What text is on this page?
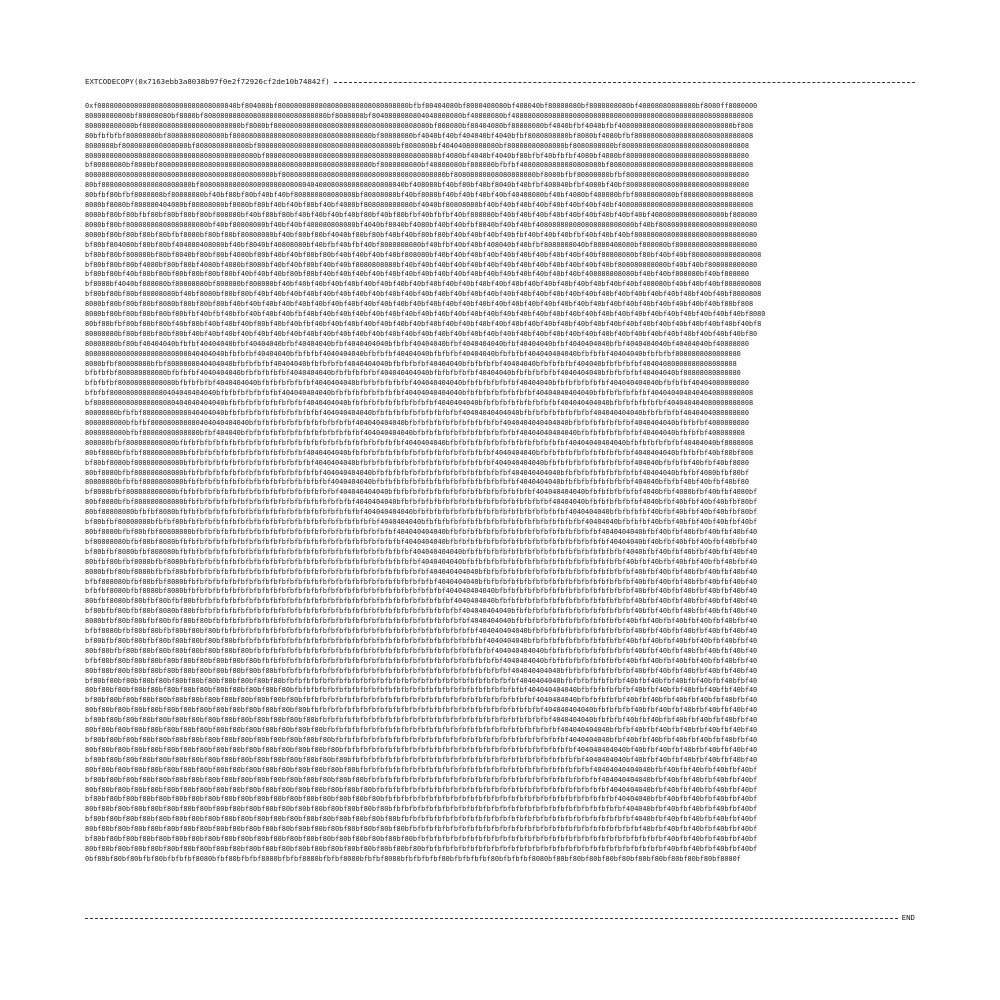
EXTCODECOPY(0x7163ebb3a8038b97f0e2f72926cf2de10b74842f)
0xf0808080808080808080808080808080840bf804080bf80808080808080808080808080808080bfbf80404080bf8080408080bf408040bf80808080bf8080808080bf40808080808080bf8080ff8080000
80808080808bf80808080bf8080bf808080808080808080808080808080bf8080808bf8040808080804040808080bf40808080bf40808080808080808080808080808080808080808080808080808080808
808080808080bf808080808080808080808080bf8080bf80808080808080808080808080808080808080bf808080bf80404080bf80808080bf4040bfbf4040bfbf4080808080808080808080808080bf808
80bfbfbfbf80808080bf80808080808080bf8080808080808080808080808080808080bf80808080bf4040bf40bf404040bf4040bfbf8080808080bf8080bf4080bfbf80808080808080808080808080808
8080808bf8080808080808080bf8080808080808bf8080808080808080808080808080808080bf8080808bf40404080808080bf80808080808080bf8080808080bf8080808080808080808080808080808
808080808080808080808080808080808080808080bf808080808080808080808080808080808080808080bf4080bf4040bf4040bf80bfbf40bfbfbf4080bf4080bf808080808080808080808080808080
bf80808080bf8080bf8080808080808080808080808080808080808080808080808080bf8080808080bf40808080bf808080bfbfbf40808080808080808080bf80808080808080808080808080808080808
8080808080808080808080808080808080808080808080bf8080808080808080808080808080808080808080bf80808080808080808080bf8080bfbf80808080bfbf808080808080808080808080808080
80bf8080808080808080808080bf80808080808080808080808080404080808080808080808040bf408080bf40bf80bf40bf8040bf40bfbf408040bfbf4080bf40bf808080808080808080808080808080
80bfbf80bfbf8080808bf80808080bf40bf80bf80bf40bf40bf808080808080808bf80808080bf40bf8080bf40bf40bf40bf40bf40408080bf40bf4080bf408080bfbf8080808080bf80808080808080808
8080bf8080bf808080404080bf80808080bf8080bf80bf40bf40bf80bf40bf4080bf808080808080bf4040bf80808080bf40bf40bf40bf40bf40bf40bf40bf40bf408080808080808080808080808080808
8080bf80bf80bfbf80bf80bf80bf80bf808080bf40bf80bf80bf40bf40bf40bf40bf80bf40bf80bfbf40bfbfbf40bf808080bf40bf40bf40bf40bf40bf40bf40bf40bf40bf408080808080808080bf808080
8080bf80bf80808080808080808080bf40bf80808080bf40bf40bf408080808080bf4040bf8040bf4080bf40bf40bfbf8040bf40bf40bf408080808080808080808080bf40bf808080808080808080808080
8080bf80bf80bf80bf80bfbf8080bf80bf80bf80808080bf40bf80bf80bf4040bf80bf80bf40bf40bf80bf80bf40bf40bf40bf40bfbf40bf40bf40bfbf40bf40bf40bf808080808080808080808080808080
bf80bf804080bf80bf80bf404080408080bf40bf8040bf40808080bf40bfbf40bfbf40bf8080808080bf40bfbf40bf40bf408040bf40bfbf8080808040bf8080408080bf808080bf80808080808080808080
bf80bf80bf808080bf80bf8040bf80bf80bf4080bf80bf40bf40bf80bf80bf40bf40bf40bf40bf808080bf40bf40bf40bf40bf40bf40bf40bf40bf40bf40bf80808080bf80bf40bf40bf80808080808080808
bf80bf80bf80bf4080bf80bf80bf4080bf4080bf8080bf40bf40bf80bf40bf40bf8080808080bf40bf40bf40bf40bf40bf40bf40bf40bf40bf40bf40bf40bf40bf808080808080bf40bf40bf808080808080
bf80bf80bf40bf80bf80bf80bf80bf80bf80bf40bf40bf40bf80bf80bf40bf40bf40bf40bf40bf40bf40bf40bf40bf40bf40bf40bf40bf40bf40bf40bf408080808080bf40bf40bf808080bf40bf808080
bf8080bf4040bf808080bf80808080bf808080bf808080bf40bf40bf40bf40bf40bf40bf40bf40bf40bf40bf40bf40bf40bf40bf40bf40bf40bf40bf40bf40bf40bf40bf408080bf40bf40bf40bf808080808
bf80bf80bf80bf80808080bf40bf8080bf80bf80bf40bf40bf40bf40bf40bf40bf40bf40bf40bf40bf40bf40bf40bf40bf40bf40bf40bf40bf40bf40bf40bf40bf40bf40bf40bf40bf40bf40bf40bf8080808
8080bf80bf80bf80bf8080bf80bf80bf80bf40bf40bf40bf40bf40bf40bf40bf40bf40bf40bf40bf40bf40bf40bf40bf40bf40bf40bf40bf40bf40bf40bf40bf40bf40bf40bf40bf40bf40bf40bf80bf808
8080bf80bf80bf80bf80bf80bfbf40bfbf40bfbf40bf40bf40bfbf40bf40bf40bf40bf40bf40bf40bf40bf40bf40bf40bf40bf40bf40bf40bf40bf40bf40bf40bf40bf40bf40bf40bf40bf40bf40bf40bf8080
80bf80bfbf80bf80bf80bf40bf80bf40bf40bf40bf80bf40bf40bfbf40bf40bf40bf40bf40bf40bf40bf40bf40bf40bf40bf40bf40bf40bf40bf40bf40bf40bf40bf40bf40bf40bf40bf40bf40bf40bf40bf8
80808080bf80bf80bf80bf80bf40bf40bf40bf40bf40bf40bf40bf40bf40bf40bf40bf40bf40bf40bf40bf40bf40bf40bf40bf40bf40bf40bf40bf40bf40bf40bf40bf40bf40bf40bf40bf40bf40bf40bf80
80808080bf80bf40404040bfbfbf40404040bfbf40404040bfbf40404040bfbf4040404040bfbfbf40404040bfbf4040404040bfbf40404040bfbf4040404040bfbf4040404040bf40404040bf40808080
8080808080808080808080808040404040bfbfbfbf40404040bfbfbfbf4040404040bfbfbfbf40404040bfbfbfbf40404040bfbfbfbf404040404040bfbfbfbf40404040bfbfbfbf8080808080808080
8080bfbf80808080bfbf8080808040404040bfbfbfbfbf40404040bfbfbfbfbf4040404040bfbfbfbfbf40404040bfbfbfbfbf40404040bfbfbfbfbf404040bfbfbfbfbf40404080808080808080808
bfbfbfbf808080808080bfbfbfbf4040404040bfbfbfbfbfbf4040404040bfbfbfbfbfbf404040404040bfbfbfbfbfbf40404040bfbfbfbfbfbf4040404040bfbfbfbfbf40404040bf80808080808080
bfbfbfbf80808080808080bfbfbfbfbf4040404040bfbfbfbfbfbfbf4040404040bfbfbfbfbfbfbf404040404040bfbfbfbfbfbfbf40404040bfbfbfbfbfbfbf404040404040bfbfbfbf40404080808080
bfbfbf80808080808080404040404040bfbfbfbfbfbfbfbf404040404040bfbfbfbfbfbfbfbfbf40404040404040bfbfbfbfbfbfbfbfbf40404040404040bfbfbfbfbfbfbf4040404040404040808080808
bf80808080808080808080404040404040bfbfbfbfbfbfbfbfbfbf4040404040bfbfbfbfbfbfbfbfbfbfbf4040404040bfbfbfbfbfbfbfbfbfbf404040404040bfbfbfbfbfbfbf404040404080808080808
80808080bfbfbf80808080808040404040bfbfbfbfbfbfbfbfbfbfbfbf404040404040bfbfbfbfbfbfbfbfbfbfbf40404040404040bfbfbfbfbfbfbfbfbf404040404040bfbfbfbfbf4040404080808080
8080808080bfbfbf808080808080404040404040bfbfbfbfbfbfbfbfbfbfbfbfbf404040404040bfbfbfbfbfbfbfbfbfbfbfbf4040404040404040bfbfbfbfbfbfbfbf4040404040bfbfbfbf4080808080
8080808080bfbf80808080808080bfbf404040bfbfbfbfbfbfbfbfbfbfbfbfbfbfbf404040404040bfbfbfbfbfbfbfbfbfbfbfbfbf40404040404040bfbfbfbfbfbfbfbf40404040bfbfbfbf408080808
808080bfbf808080808080bfbfbfbfbfbfbfbfbfbfbfbfbfbfbfbfbfbfbfbfbfbfbfbfbfbfbfbf4040404040bfbfbfbfbfbfbfbfbfbfbfbfbfbfbf40404040404040bfbfbfbfbfbfbf40404040bf8080808
80bf8080bfbfbf8080808080bfbfbfbfbfbfbfbfbfbfbfbfbfbfbf4040404040bfbfbfbfbfbfbfbfbfbfbfbfbfbfbfbfbfbf4040404040bfbfbfbfbfbfbfbfbfbfbfbf4040404040bfbfbfbf40bf80bf808
bf80bf8080bf808080808080bfbfbfbfbfbfbfbfbfbfbfbfbfbfbfbf4040404040bfbfbfbfbfbfbfbfbfbfbfbfbfbfbfbfbf404040404040bfbfbfbfbfbfbfbfbfbfbf404040bfbfbfbf40bfbf40bf8080
80bf8080bfbf808080808080bfbfbfbfbfbfbfbfbfbfbfbfbfbfbfbfbf404040404040bfbfbfbfbfbfbfbfbfbfbfbfbfbfbfbfbf404040404040bfbfbfbfbfbfbfbfbfbf40404040bfbfbf4080bfbf80bf
80808080bfbfbf8080808080bfbfbfbfbfbfbfbfbfbfbfbfbfbfbfbfbfbf4040404040bfbfbfbfbfbfbfbfbfbfbfbfbfbfbfbfbfbf4040404040bfbfbfbfbfbfbfbfbf404040bfbfbf40bf40bfbf40bf80
bf8080bfbf808080808080bfbfbfbfbfbfbfbfbfbfbfbfbfbfbfbfbfbfbfbf404040404040bfbfbfbfbfbfbfbfbfbfbfbfbfbfbfbfbfbf404040404040bfbfbfbfbfbfbf4040bfbf4080bfbf40bfbf4080bf
80bf8080bfbf808080808080bfbfbfbfbfbfbfbfbfbfbfbfbfbfbfbfbfbfbfbfbf4040404040bfbfbfbfbfbfbfbfbfbfbfbfbfbfbfbfbfbfbf40404040bfbfbfbfbfbfbf4040bfbf40bfbf40bf40bfbf80bf
80bf80808080bfbfbf8080bfbfbfbfbfbfbfbfbfbfbfbfbfbfbfbfbfbfbfbfbfbfbf404040404040bfbfbfbfbfbfbfbfbfbfbfbfbfbfbfbfbfbfbf4040404040bfbfbfbfbf40bfbf40bfbf40bf40bfbf80bf
bf80bfbf80808080bfbfbf80bfbfbfbfbfbfbfbfbfbfbfbfbfbfbfbfbfbfbfbfbfbfbfbf4040404040bfbfbfbfbfbfbfbfbfbfbfbfbfbfbfbfbfbfbfbf40404040bfbfbfbf40bfbf40bfbf40bf40bfbf40bf
80bf8080bfbf80bfbf80808080bfbfbfbfbfbfbfbfbfbfbfbfbfbfbfbfbfbfbfbfbfbfbfbfbf404040404040bfbfbfbfbfbfbfbfbfbfbfbfbfbfbfbfbfbfbf4040404040bfbf40bfbf40bfbf40bfbf40bf40
bf80808080bfbf80bf8080bfbfbfbfbfbfbfbfbfbfbfbfbfbfbfbfbfbfbfbfbfbfbfbfbfbfbfbf4040404040bfbfbfbfbfbfbfbfbfbfbfbfbfbfbfbfbfbfbfbf40404040bf40bfbf40bfbf40bfbf40bfbf40
bf80bfbf8080bfbf808080bfbfbfbfbfbfbfbfbfbfbfbfbfbfbfbfbfbfbfbfbfbfbfbfbfbfbfbfbf404040404040bfbfbfbfbfbfbfbfbfbfbfbfbfbfbfbfbfbfbfbf4040bfbf40bfbf40bfbf40bfbf40bf40
80bfbf80bfbf8080bfbf8080bfbfbfbfbfbfbfbfbfbfbfbfbfbfbfbfbfbfbfbfbfbfbfbfbfbfbfbfbf4040404040bfbfbfbfbfbfbfbfbfbfbfbfbfbfbfbfbfbfbfbf40bfbf40bfbf40bfbf40bfbf40bfbf40
8080bfbf80bf8080bfbfbf80bfbfbfbfbfbfbfbfbfbfbfbfbfbfbfbfbfbfbfbfbfbfbfbfbfbfbfbfbfbf404040404040bfbfbfbfbfbfbfbfbfbfbfbfbfbfbfbfbfbfbf40bfbf40bfbf40bfbf40bfbf40bf40
bfbf808080bfbf80bfbf8080bfbfbfbfbfbfbfbfbfbfbfbfbfbfbfbfbfbfbfbfbfbfbfbfbfbfbfbfbfbfbf4040404040bfbfbfbfbfbfbfbfbfbfbfbfbfbfbfbfbfbfbf40bfbf40bfbf40bfbf40bfbf40bf40
bfbfbf8080bfbf8080bf8080bfbfbfbfbfbfbfbfbfbfbfbfbfbfbfbfbfbfbfbfbfbfbfbfbfbfbfbfbfbfbfbf404040404040bfbfbfbfbfbfbfbfbfbfbfbfbfbfbfbfbf40bfbf40bfbf40bfbf40bfbf40bf40
80bfbf8080bf80bfbf80bfbf80bfbfbfbfbfbfbfbfbfbfbfbfbfbfbfbfbfbfbfbfbfbfbfbfbfbfbfbfbfbfbfbf4040404040bfbfbfbfbfbfbfbfbfbfbfbfbfbfbfbfbf40bfbf40bfbf40bfbf40bfbf40bf40
bf80bfbf80bfbf80bf8080bf80bfbfbfbfbfbfbfbfbfbfbfbfbfbfbfbfbfbfbfbfbfbfbfbfbfbfbfbfbfbfbfbfbf404040404040bfbfbfbfbfbfbfbfbfbfbfbfbfbfbf40bfbf40bfbf40bfbf40bfbf40bf40
8080bfbf80bf80bfbf80bfbf80bf80bfbfbfbfbfbfbfbfbfbfbfbfbfbfbfbfbfbfbfbfbfbfbfbfbfbfbfbfbfbfbfbf4040404040bfbfbfbfbfbfbfbfbfbfbfbfbfbf40bfbf40bfbf40bfbf40bfbf40bfbf40
bfbf8080bfbf80bf80bfbf80bf80bf80bfbfbfbfbfbfbfbfbfbfbfbfbfbfbfbfbfbfbfbfbfbfbfbfbfbfbfbfbfbfbfbf404040404040bfbfbfbfbfbfbfbfbfbfbfbfbf40bfbf40bfbf40bfbf40bfbf40bf40
bf80bfbf80bf80bfbf80bf80bf80bf80bf80bfbfbfbfbfbfbfbfbfbfbfbfbfbfbfbfbfbfbfbfbfbfbfbfbfbfbfbfbfbfbf4040404040bfbfbfbfbfbfbfbfbfbfbfbf40bfbf40bfbf40bfbf40bfbf40bfbf40
80bf80bfbf80bf80bf80bf80bf80bf80bf80bf80bfbfbfbfbfbfbfbfbfbfbfbfbfbfbfbfbfbfbfbfbfbfbfbfbfbfbfbfbfbf404040404040bfbfbfbfbfbfbfbfbfbfbf40bfbf40bfbf40bfbf40bfbf40bf40
bfbf80bf80bf80bf80bf80bf80bf80bf80bf80bf80bfbfbfbfbfbfbfbfbfbfbfbfbfbfbfbfbfbfbfbfbfbfbfbfbfbfbfbfbfbf4040404040bfbfbfbfbfbfbfbfbfbf40bfbf40bfbf40bfbf40bfbf40bfbf40
80bf80bf80bf80bf80bf80bf80bf80bf80bf80bf80bf80bfbfbfbfbfbfbfbfbfbfbfbfbfbfbfbfbfbfbfbfbfbfbfbfbfbfbfbfbf404040404040bfbfbfbfbfbfbfbfbf40bfbf40bfbf40bfbf40bfbf40bf40
bf80bf80bf80bf80bf80bf80bf80bf80bf80bf80bf80bf80bfbfbfbfbfbfbfbfbfbfbfbfbfbfbfbfbfbfbfbfbfbfbfbfbfbfbfbfbf4040404040bfbfbfbfbfbfbfbf40bfbf40bfbf40bfbf40bfbf40bfbf40
80bf80bf80bf80bf80bf80bf80bf80bf80bf80bf80bf80bf80bfbfbfbfbfbfbfbfbfbfbfbfbfbfbfbfbfbfbfbfbfbfbfbfbfbfbfbfbf404040404040bfbfbfbfbfbfbf40bfbf40bfbf40bfbf40bfbf40bf40
bf80bf80bf80bf80bf80bf80bf80bf80bf80bf80bf80bf80bf80bfbfbfbfbfbfbfbfbfbfbfbfbfbfbfbfbfbfbfbfbfbfbfbfbfbfbfbfbf4040404040bfbfbfbfbfbf40bfbf40bfbf40bfbf40bfbf40bfbf40
80bf80bf80bf80bf80bf80bf80bf80bf80bf80bf80bf80bf80bf80bfbfbfbfbfbfbfbfbfbfbfbfbfbfbfbfbfbfbfbfbfbfbfbfbfbfbfbfbf404040404040bfbfbfbfbf40bfbf40bfbf40bfbf40bfbf40bf40
bf80bf80bf80bf80bf80bf80bf80bf80bf80bf80bf80bf80bf80bf80bfbfbfbfbfbfbfbfbfbfbfbfbfbfbfbfbfbfbfbfbfbfbfbfbfbfbfbfbf4040404040bfbfbfbf40bfbf40bfbf40bfbf40bfbf40bfbf40
80bf80bf80bf80bf80bf80bf80bf80bf80bf80bf80bf80bf80bf80bf80bfbfbfbfbfbfbfbfbfbfbfbfbfbfbfbfbfbfbfbfbfbfbfbfbfbfbfbfbf404040404040bfbfbf40bfbf40bfbf40bfbf40bfbf40bf40
bf80bf80bf80bf80bf80bf80bf80bf80bf80bf80bf80bf80bf80bf80bf80bfbfbfbfbfbfbfbfbfbfbfbfbfbfbfbfbfbfbfbfbfbfbfbfbfbfbfbfbf4040404040bfbf40bfbf40bfbf40bfbf40bfbf40bfbf40
80bf80bf80bf80bf80bf80bf80bf80bf80bf80bf80bf80bf80bf80bf80bf80bfbfbfbfbfbfbfbfbfbfbfbfbfbfbfbfbfbfbfbfbfbfbfbfbfbfbfbfbf404040404040bf40bfbf40bfbf40bfbf40bfbf40bf40
bf80bf80bf80bf80bf80bf80bf80bf80bf80bf80bf80bf80bf80bf80bf80bf80bfbfbfbfbfbfbfbfbfbfbfbfbfbfbfbfbfbfbfbfbfbfbfbfbfbfbfbfbf4040404040bf40bfbf40bfbf40bfbf40bfbf40bf40
80bf80bf80bf80bf80bf80bf80bf80bf80bf80bf80bf80bf80bf80bf80bf80bf80bfbfbfbfbfbfbfbfbfbfbfbfbfbfbfbfbfbfbfbfbfbfbfbfbfbfbfbfbf40404040404040bfbf40bfbf40bfbf40bfbf40bf
bf80bf80bf80bf80bf80bf80bf80bf80bf80bf80bf80bf80bf80bf80bf80bf80bf80bfbfbfbfbfbfbfbfbfbfbfbfbfbfbfbfbfbfbfbfbfbfbfbfbfbfbfbfbf404040404040bfbf40bfbf40bfbf40bfbf40bf
80bf80bf80bf80bf80bf80bf80bf80bf80bf80bf80bf80bf80bf80bf80bf80bf80bf80bfbfbfbfbfbfbfbfbfbfbfbfbfbfbfbfbfbfbfbfbfbfbfbfbfbfbfbfbf4040404040bfbf40bfbf40bfbf40bfbf40bf
bf80bf80bf80bf80bf80bf80bf80bf80bf80bf80bf80bf80bf80bf80bf80bf80bf80bf80bfbfbfbfbfbfbfbfbfbfbfbfbfbfbfbfbfbfbfbfbfbfbfbfbfbfbfbfbf40404040bfbf40bfbf40bfbf40bfbf40bf
80bf80bf80bf80bf80bf80bf80bf80bf80bf80bf80bf80bf80bf80bf80bf80bf80bf80bf80bfbfbfbfbfbfbfbfbfbfbfbfbfbfbfbfbfbfbfbfbfbfbfbfbfbfbfbfbf404040bfbf40bfbf40bfbf40bfbf40bf
bf80bf80bf80bf80bf80bf80bf80bf80bf80bf80bf80bf80bf80bf80bf80bf80bf80bf80bf80bfbfbfbfbfbfbfbfbfbfbfbfbfbfbfbfbfbfbfbfbfbfbfbfbfbfbfbfbf4040bfbf40bfbf40bfbf40bfbf40bf
80bf80bf80bf80bf80bf80bf80bf80bf80bf80bf80bf80bf80bf80bf80bf80bf80bf80bf80bf80bfbfbfbfbfbfbfbfbfbfbfbfbfbfbfbfbfbfbfbfbfbfbfbfbfbfbfbfbf40bfbf40bfbf40bfbf40bfbf40bf
bf80bf80bf80bf80bf80bf80bf80bf80bf80bf80bf80bf80bf80bf80bf80bf80bf80bf80bf80bf80bfbfbfbfbfbfbfbfbfbfbfbfbfbfbfbfbfbfbfbfbfbfbfbfbfbfbfbfbfbfbf40bfbf40bfbf40bfbf40bf
80bf80bf80bf80bf80bf80bf80bf80bf80bf80bf80bf80bf80bf80bf80bf80bf80bf80bf80bf80bf80bfbfbfbfbfbfbfbfbfbfbfbfbfbfbfbfbfbfbfbfbfbfbfbfbfbfbfbfbfbf40bfbf40bfbf40bfbf40bf
0bf80bf80bf80bfbf80bfbfbfbf8080bfbf80bfbfbf8080bfbfbf8080bfbfbf8080bfbfbf8080bfbfbfbfbf80bfbfbfbfbf80bfbfbfbf8080bf80bf80bf80bf80bf80bf80bf80bf80bf80bf80bf8080f
END
